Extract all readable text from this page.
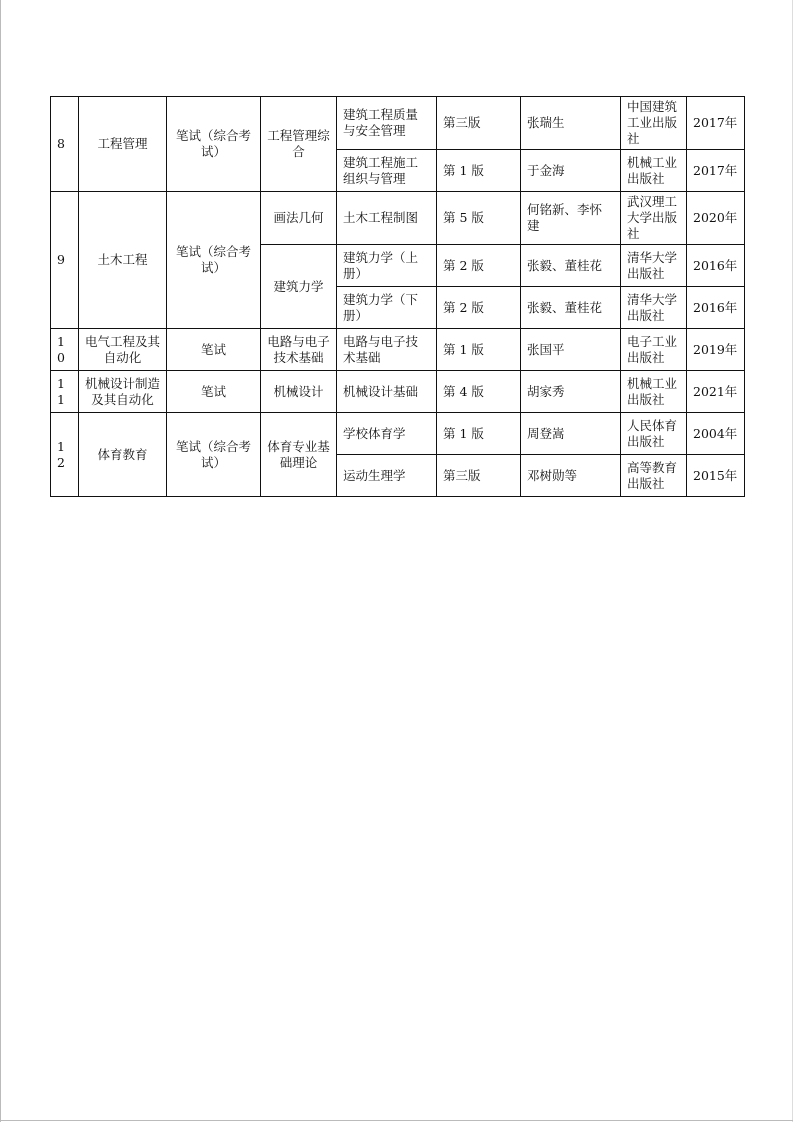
8	工程管理	笔试（综合考试）	工程管理综合	建筑工程质量与安全管理	第三版	张瑞生	中国建筑工业出版社	2017年
				建筑工程施工组织与管理	第 1 版	于金海	机械工业出版社	2017年
9	土木工程	笔试（综合考试）	画法几何	土木工程制图	第 5 版	何铭新、李怀建	武汉理工大学出版社	2020年
			建筑力学	建筑力学（上册）	第 2 版	张毅、董桂花	清华大学出版社	2016年
				建筑力学（下册）	第 2 版	张毅、董桂花	清华大学出版社	2016年
10	电气工程及其自动化	笔试	电路与电子技术基础	电路与电子技术基础	第 1 版	张国平	电子工业出版社	2019年
11	机械设计制造及其自动化	笔试	机械设计	机械设计基础	第 4 版	胡家秀	机械工业出版社	2021年
12	体育教育	笔试（综合考试）	体育专业基础理论	学校体育学	第 1 版	周登嵩	人民体育出版社	2004年
				运动生理学	第三版	邓树勋等	高等教育出版社	2015年
